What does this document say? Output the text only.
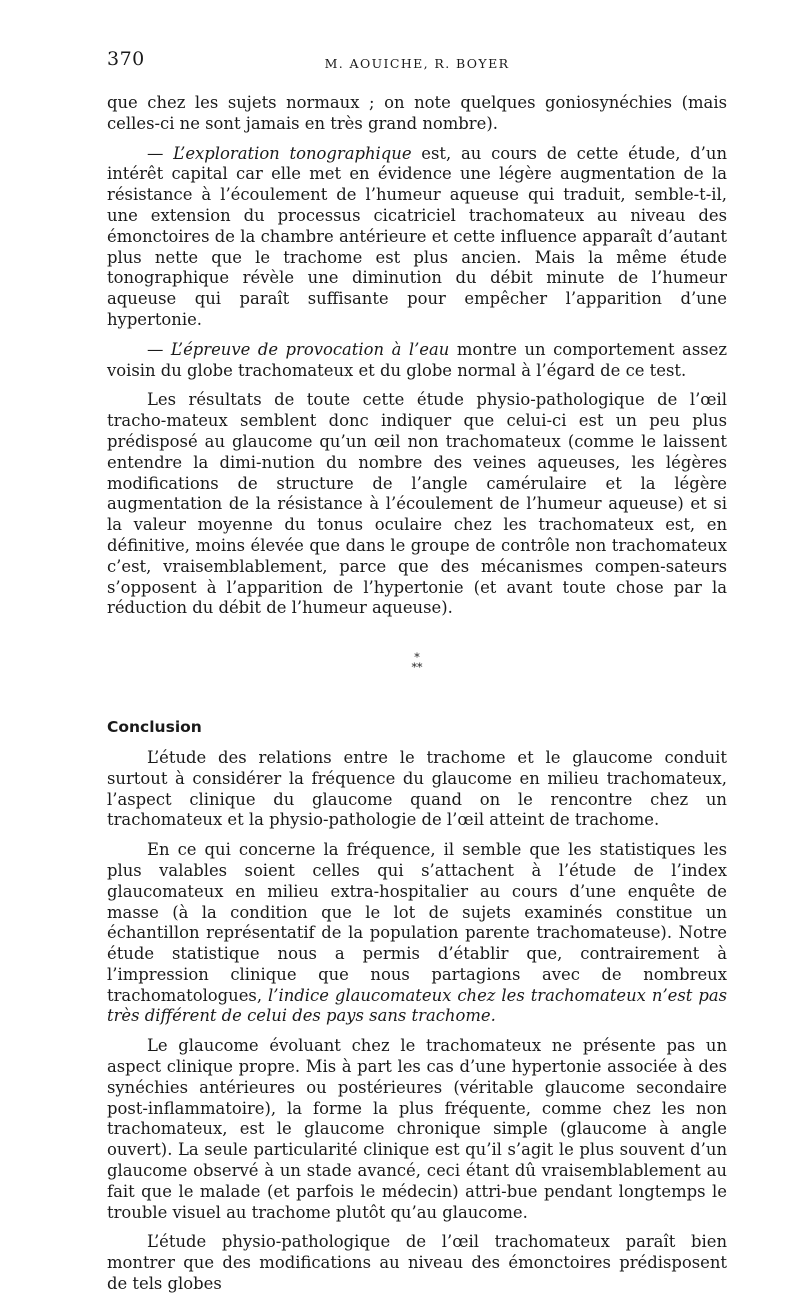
370	M. AOUICHE, R. BOYER

que chez les sujets normaux ; on note quelques goniosynéchies (mais celles-ci ne sont jamais en très grand nombre).

— L’exploration tonographique est, au cours de cette étude, d’un intérêt capital car elle met en évidence une légère augmentation de la résistance à l’écoulement de l’humeur aqueuse qui traduit, semble-t-il, une extension du processus cicatriciel trachomateux au niveau des émonctoires de la chambre antérieure et cette influence apparaît d’autant plus nette que le trachome est plus ancien. Mais la même étude tonographique révèle une diminution du débit minute de l’humeur aqueuse qui paraît suffisante pour empêcher l’apparition d’une hypertonie.

— L’épreuve de provocation à l’eau montre un comportement assez voisin du globe trachomateux et du globe normal à l’égard de ce test.

Les résultats de toute cette étude physio-pathologique de l’œil tracho-mateux semblent donc indiquer que celui-ci est un peu plus prédisposé au glaucome qu’un œil non trachomateux (comme le laissent entendre la dimi-nution du nombre des veines aqueuses, les légères modifications de structure de l’angle camérulaire et la légère augmentation de la résistance à l’écoulement de l’humeur aqueuse) et si la valeur moyenne du tonus oculaire chez les trachomateux est, en définitive, moins élevée que dans le groupe de contrôle non trachomateux c’est, vraisemblablement, parce que des mécanismes compen-sateurs s’opposent à l’apparition de l’hypertonie (et avant toute chose par la réduction du débit de l’humeur aqueuse).

*
**
Conclusion

L’étude des relations entre le trachome et le glaucome conduit surtout à considérer la fréquence du glaucome en milieu trachomateux, l’aspect clinique du glaucome quand on le rencontre chez un trachomateux et la physio-pathologie de l’œil atteint de trachome.

En ce qui concerne la fréquence, il semble que les statistiques les plus valables soient celles qui s’attachent à l’étude de l’index glaucomateux en milieu extra-hospitalier au cours d’une enquête de masse (à la condition que le lot de sujets examinés constitue un échantillon représentatif de la population parente trachomateuse). Notre étude statistique nous a permis d’établir que, contrairement à l’impression clinique que nous partagions avec de nombreux trachomatologues, l’indice glaucomateux chez les trachomateux n’est pas très différent de celui des pays sans trachome.

Le glaucome évoluant chez le trachomateux ne présente pas un aspect clinique propre. Mis à part les cas d’une hypertonie associée à des synéchies antérieures ou postérieures (véritable glaucome secondaire post-inflammatoire), la forme la plus fréquente, comme chez les non trachomateux, est le glaucome chronique simple (glaucome à angle ouvert). La seule particularité clinique est qu’il s’agit le plus souvent d’un glaucome observé à un stade avancé, ceci étant dû vraisemblablement au fait que le malade (et parfois le médecin) attri-bue pendant longtemps le trouble visuel au trachome plutôt qu’au glaucome.

L’étude physio-pathologique de l’œil trachomateux paraît bien montrer que des modifications au niveau des émonctoires prédisposent de tels globes
